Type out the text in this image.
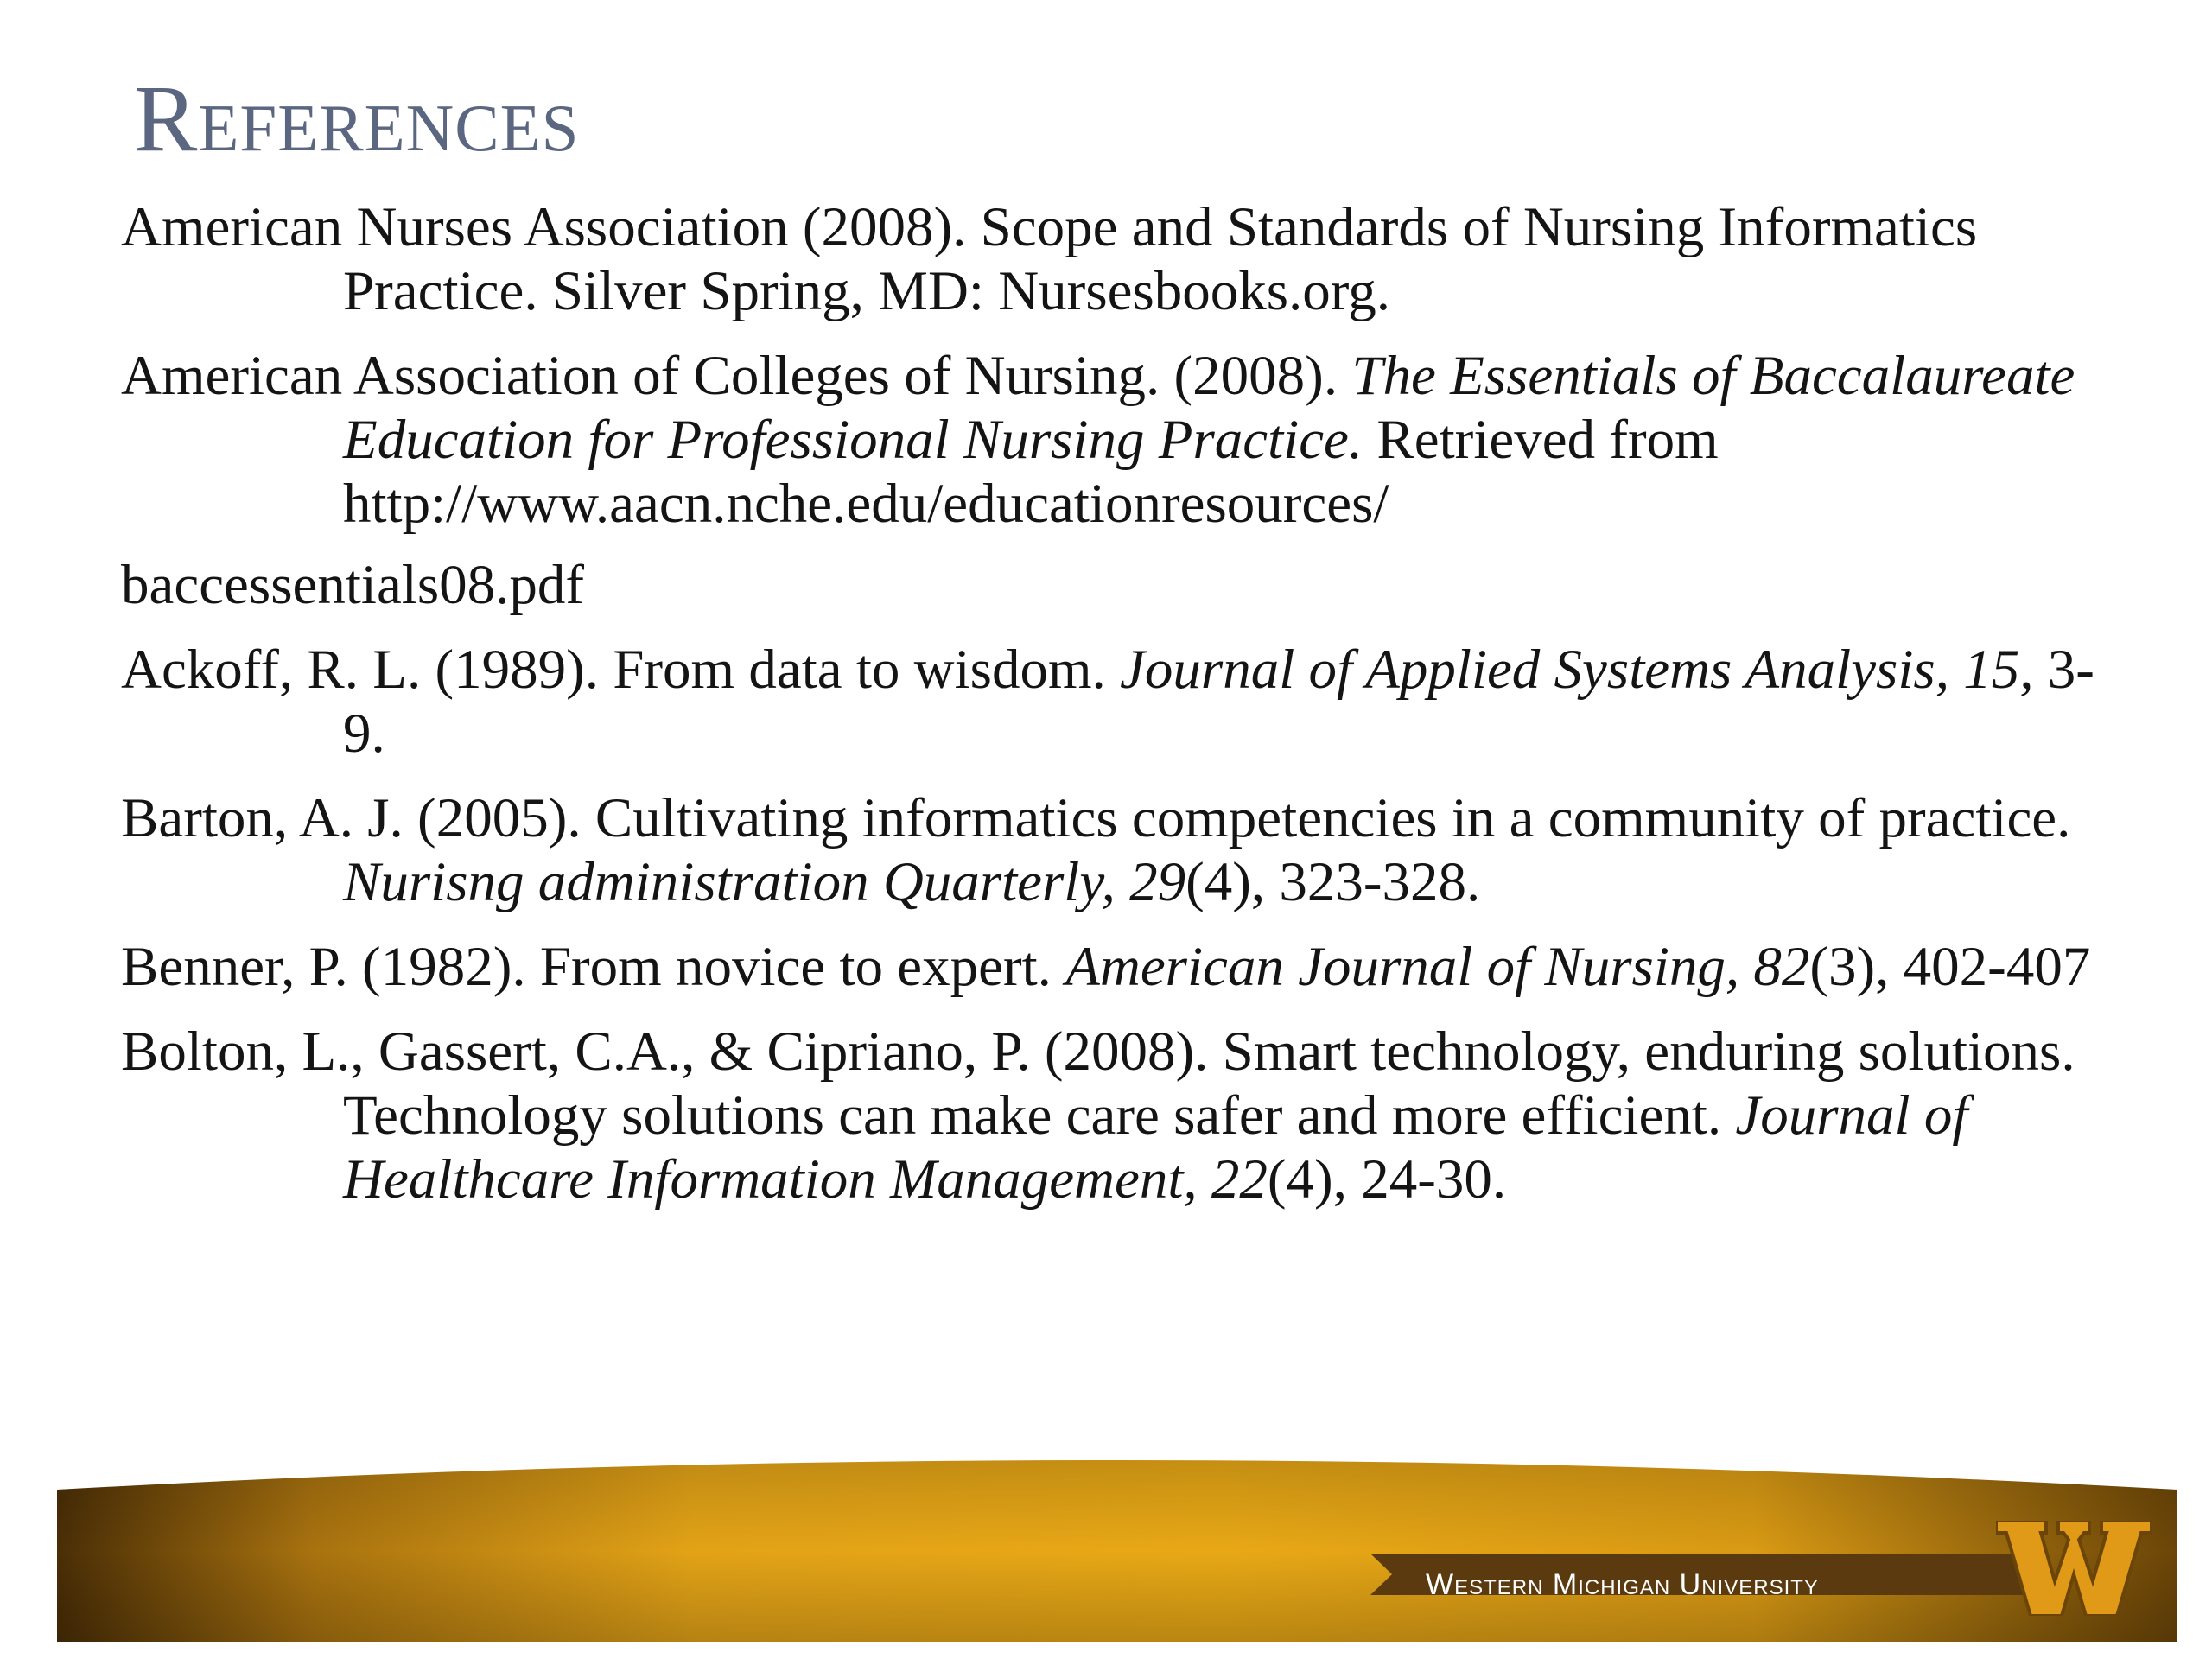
References
American Nurses Association (2008). Scope and Standards of Nursing Informatics Practice. Silver Spring, MD: Nursesbooks.org.
American Association of Colleges of Nursing. (2008). The Essentials of Baccalaureate Education for Professional Nursing Practice. Retrieved from http://www.aacn.nche.edu/educationresources/
baccessentials08.pdf
Ackoff, R. L. (1989). From data to wisdom. Journal of Applied Systems Analysis, 15, 3-9.
Barton, A. J. (2005). Cultivating informatics competencies in a community of practice. Nurisng administration Quarterly, 29(4), 323-328.
Benner, P. (1982). From novice to expert. American Journal of Nursing, 82(3), 402-407
Bolton, L., Gassert, C.A., & Cipriano, P. (2008). Smart technology, enduring solutions. Technology solutions can make care safer and more efficient. Journal of Healthcare Information Management, 22(4), 24-30.
Western Michigan University
